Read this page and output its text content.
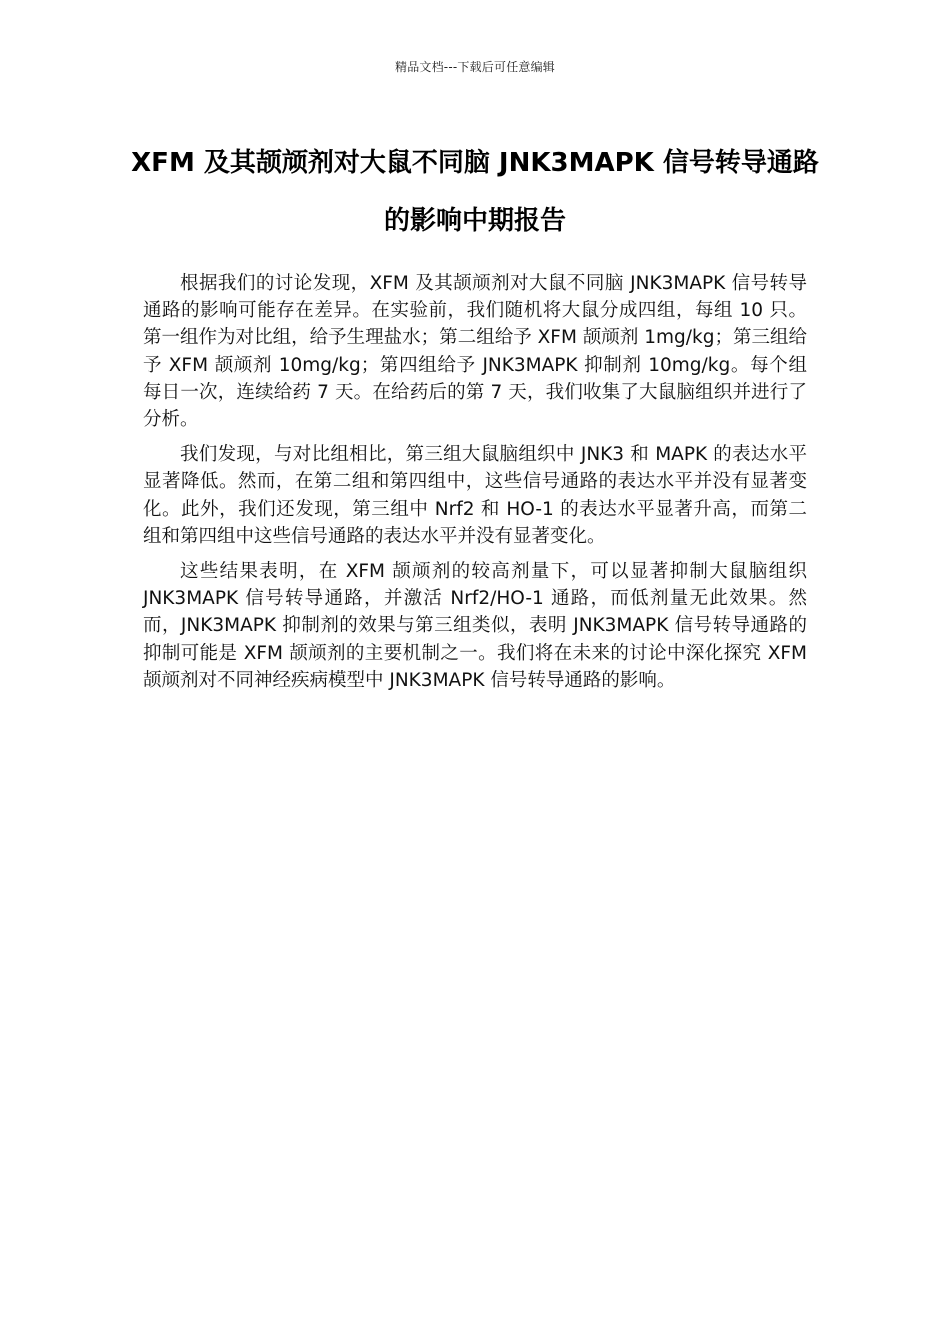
精品文档---下载后可任意编辑
XFM 及其颉颃剂对大鼠不同脑 JNK3MAPK 信号转导通路的影响中期报告

根据我们的讨论发现，XFM 及其颉颃剂对大鼠不同脑 JNK3MAPK 信号转导通路的影响可能存在差异。在实验前，我们随机将大鼠分成四组，每组 10 只。第一组作为对比组，给予生理盐水；第二组给予 XFM 颉颃剂 1mg/kg；第三组给予 XFM 颉颃剂 10mg/kg；第四组给予 JNK3MAPK 抑制剂 10mg/kg。每个组每日一次，连续给药 7 天。在给药后的第 7 天，我们收集了大鼠脑组织并进行了分析。

我们发现，与对比组相比，第三组大鼠脑组织中 JNK3 和 MAPK 的表达水平显著降低。然而，在第二组和第四组中，这些信号通路的表达水平并没有显著变化。此外，我们还发现，第三组中 Nrf2 和 HO-1 的表达水平显著升高，而第二组和第四组中这些信号通路的表达水平并没有显著变化。

这些结果表明，在 XFM 颉颃剂的较高剂量下，可以显著抑制大鼠脑组织 JNK3MAPK 信号转导通路，并激活 Nrf2/HO-1 通路，而低剂量无此效果。然而，JNK3MAPK 抑制剂的效果与第三组类似，表明 JNK3MAPK 信号转导通路的抑制可能是 XFM 颉颃剂的主要机制之一。我们将在未来的讨论中深化探究 XFM 颉颃剂对不同神经疾病模型中 JNK3MAPK 信号转导通路的影响。
